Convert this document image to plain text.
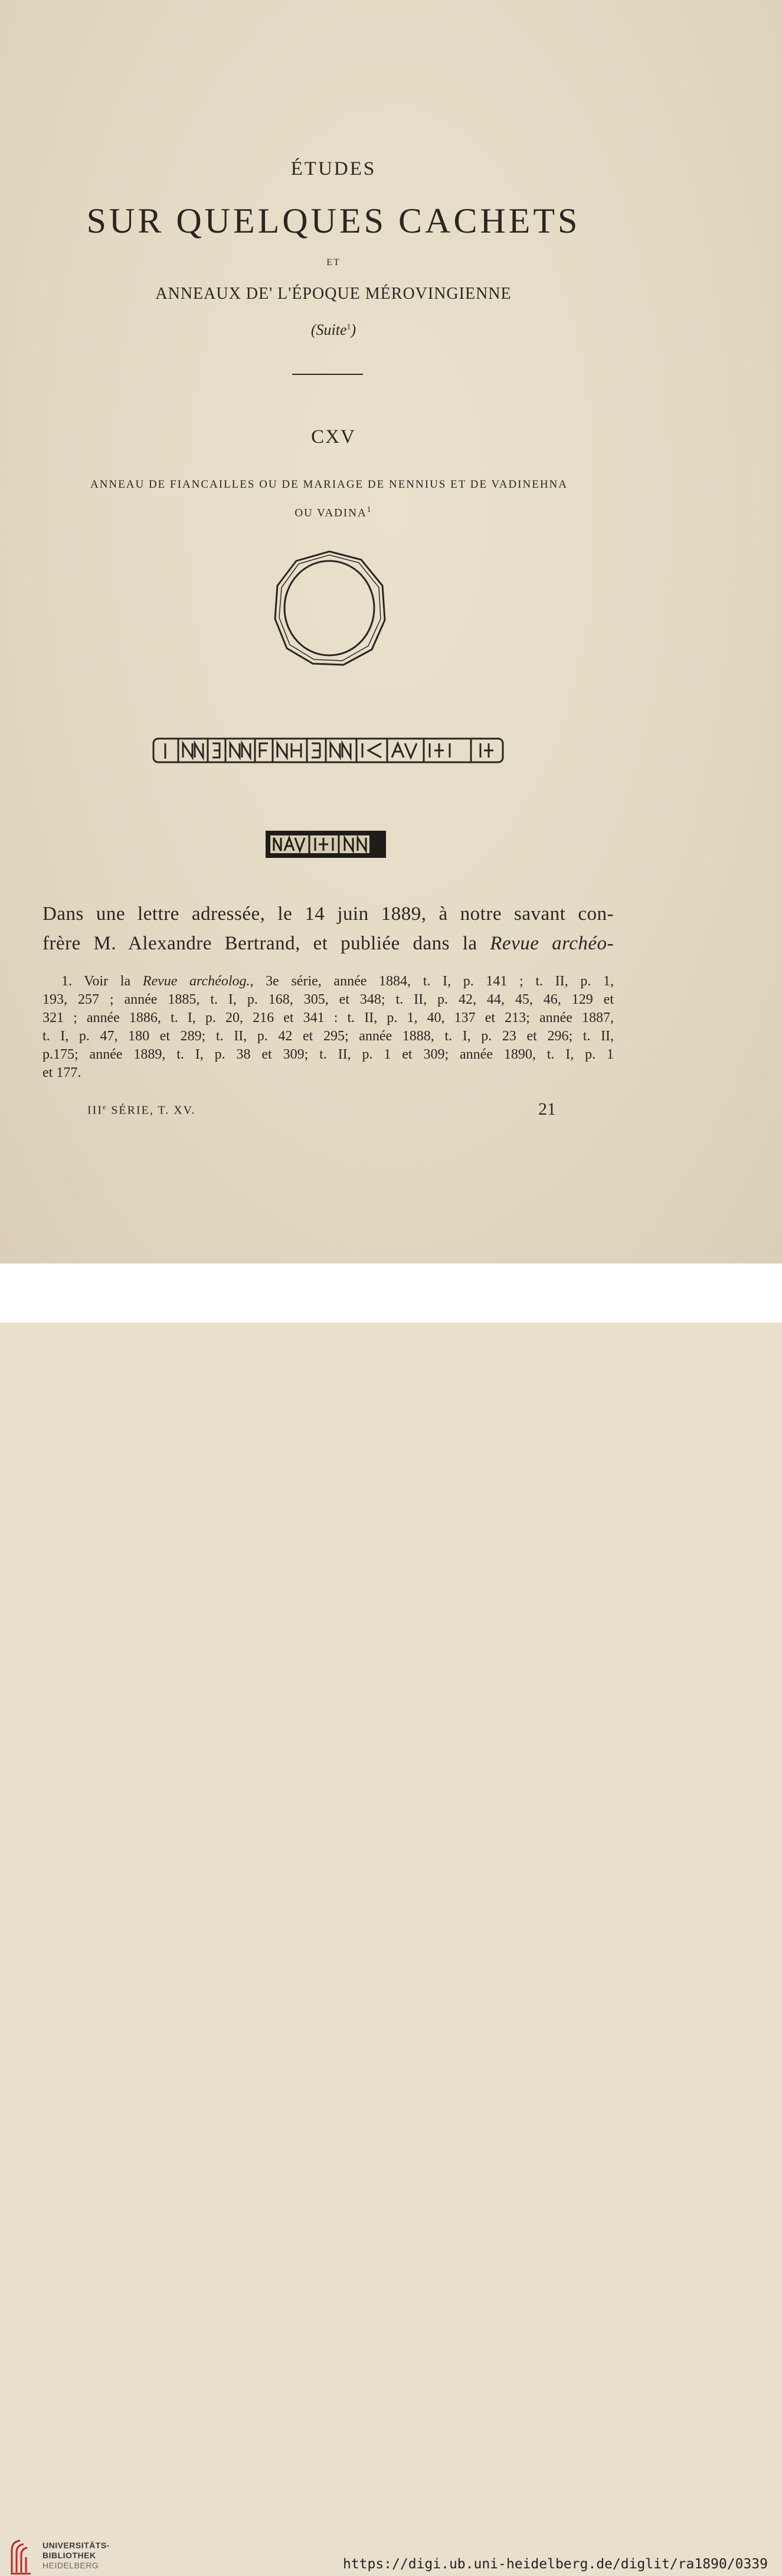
ÉTUDES
SUR QUELQUES CACHETS
ET
ANNEAUX DE' L'ÉPOQUE MÉROVINGIENNE
(Suite$^1$)
CXV
ANNEAU DE FIANCAILLES OU DE MARIAGE DE NENNIUS ET DE VADINEHNA
OU VADINA$^1$
Dans une lettre adressée, le 14 juin 1889, à notre savant con-
frère M. Alexandre Bertrand, et publiée dans la Revue archéo-
1. Voir la Revue archéolog., 3e série, année 1884, t. I, p. 141 ; t. II, p. 1,
193, 257 ; année 1885, t. I, p. 168, 305, et 348; t. II, p. 42, 44, 45, 46, 129 et
321 ; année 1886, t. I, p. 20, 216 et 341 : t. II, p. 1, 40, 137 et 213; année 1887,
t. I, p. 47, 180 et 289; t. II, p. 42 et 295; année 1888, t. I, p. 23 et 296; t. II,
p.175; année 1889, t. I, p. 38 et 309; t. II, p. 1 et 309; année 1890, t. I, p. 1
et 177.
IIIe SÉRIE, T. XV.	21
UNIVERSITÄTS-
BIBLIOTHEK
HEIDELBERG	https://digi.ub.uni-heidelberg.de/diglit/ra1890/0339
